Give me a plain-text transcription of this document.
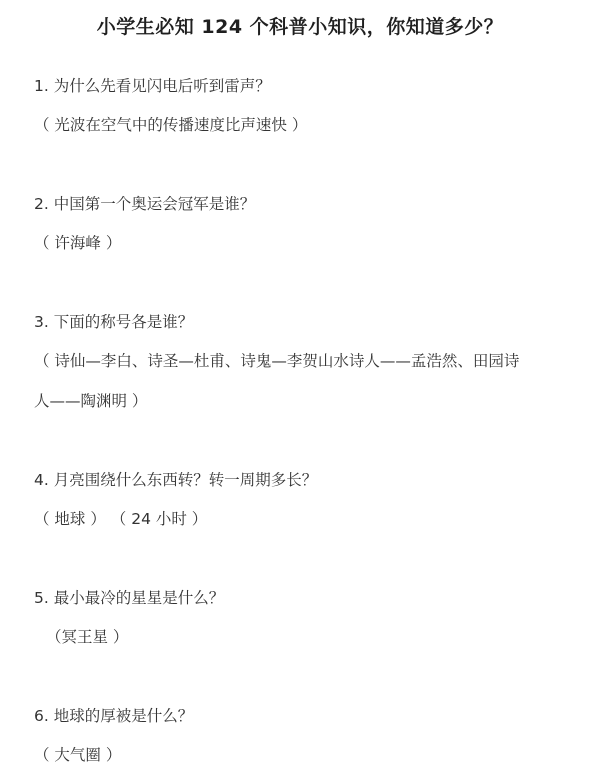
小学生必知 124 个科普小知识，你知道多少？
1. 为什么先看见闪电后听到雷声？
（ 光波在空气中的传播速度比声速快 ）
2. 中国第一个奥运会冠军是谁？
（ 许海峰 ）
3. 下面的称号各是谁？
（ 诗仙—李白、诗圣—杜甫、诗鬼—李贺山水诗人——孟浩然、田园诗
人——陶渊明 ）
4. 月亮围绕什么东西转？转一周期多长？
（ 地球 ） （ 24 小时 ）
5. 最小最冷的星星是什么？
（冥王星 ）
6. 地球的厚被是什么？
（ 大气圈 ）
